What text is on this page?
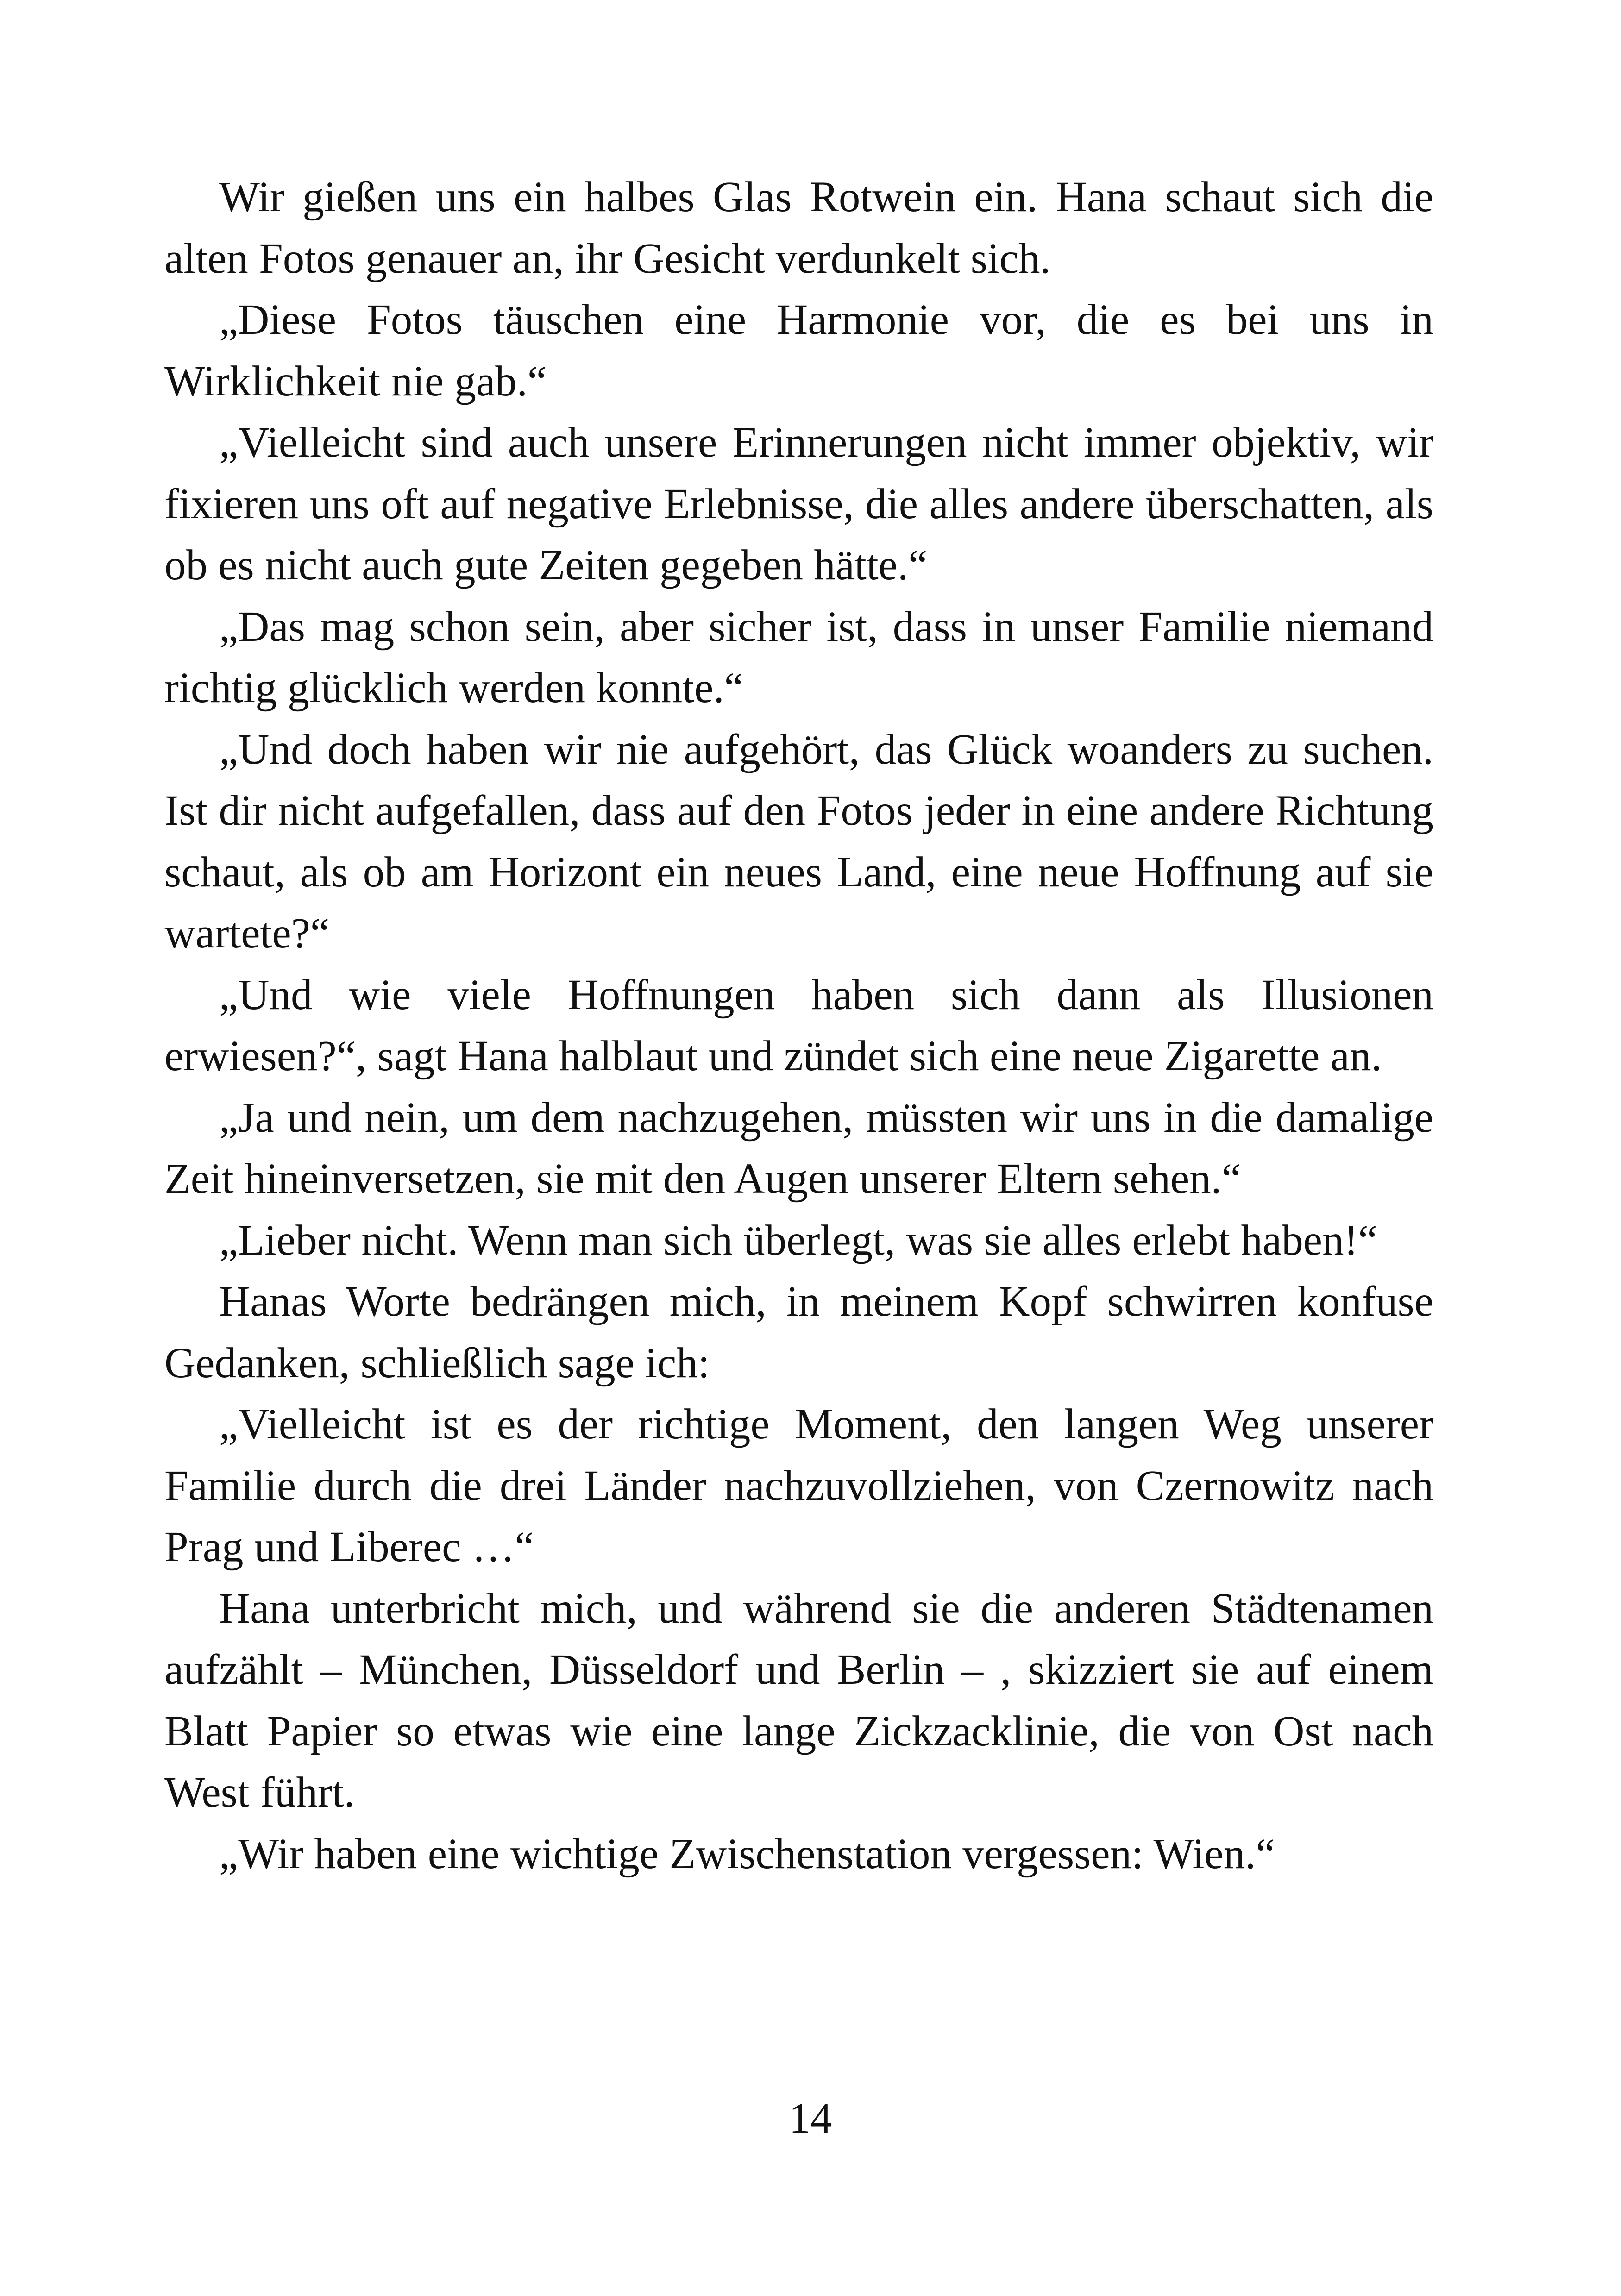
Wir gießen uns ein halbes Glas Rotwein ein. Hana schaut sich die alten Fotos genauer an, ihr Gesicht verdunkelt sich.

„Diese Fotos täuschen eine Harmonie vor, die es bei uns in Wirklichkeit nie gab.“

„Vielleicht sind auch unsere Erinnerungen nicht immer objektiv, wir fixieren uns oft auf negative Erlebnisse, die alles andere überschatten, als ob es nicht auch gute Zeiten gegeben hätte.“

„Das mag schon sein, aber sicher ist, dass in unser Familie niemand richtig glücklich werden konnte.“

„Und doch haben wir nie aufgehört, das Glück woanders zu suchen. Ist dir nicht aufgefallen, dass auf den Fotos jeder in eine andere Richtung schaut, als ob am Horizont ein neues Land, eine neue Hoffnung auf sie wartete?“

„Und wie viele Hoffnungen haben sich dann als Illusionen erwiesen?“, sagt Hana halblaut und zündet sich eine neue Zigarette an.

„Ja und nein, um dem nachzugehen, müssten wir uns in die damalige Zeit hineinversetzen, sie mit den Augen unserer Eltern sehen.“

„Lieber nicht. Wenn man sich überlegt, was sie alles erlebt haben!“

Hanas Worte bedrängen mich, in meinem Kopf schwirren konfuse Gedanken, schließlich sage ich:

„Vielleicht ist es der richtige Moment, den langen Weg unserer Familie durch die drei Länder nachzuvollziehen, von Czernowitz nach Prag und Liberec …“

Hana unterbricht mich, und während sie die anderen Städtenamen aufzählt – München, Düsseldorf und Berlin – , skizziert sie auf einem Blatt Papier so etwas wie eine lange Zickzacklinie, die von Ost nach West führt.

„Wir haben eine wichtige Zwischenstation vergessen: Wien.“

14
